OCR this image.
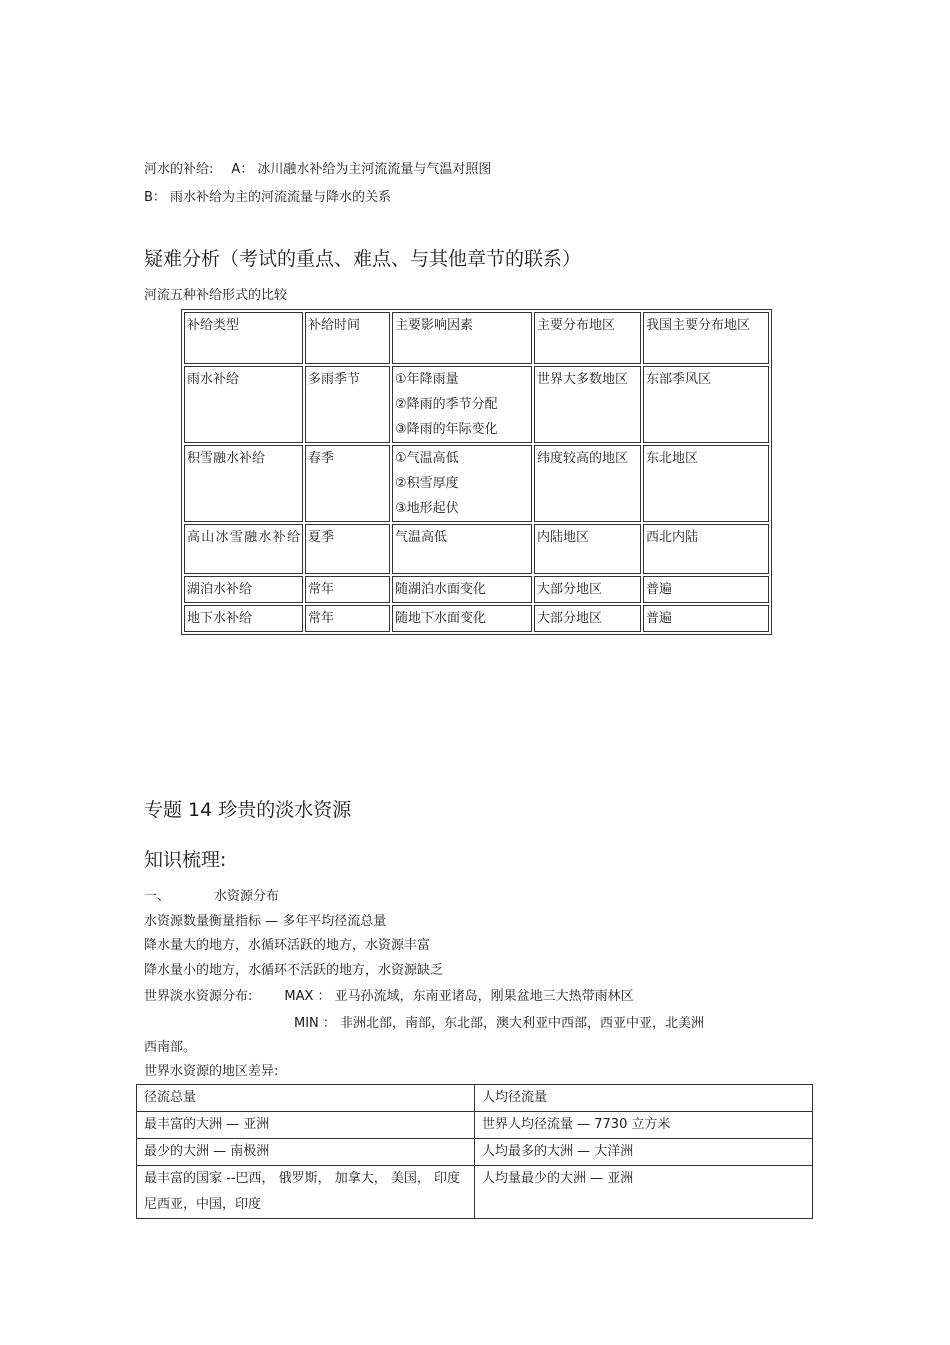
河水的补给: A： 冰川融水补给为主河流流量与气温对照图
B： 雨水补给为主的河流流量与降水的关系
疑难分析（考试的重点、难点、与其他章节的联系）
河流五种补给形式的比较
补给类型	补给时间	主要影响因素	主要分布地区	我国主要分布地区
雨水补给	多雨季节	①年降雨量
②降雨的季节分配
③降雨的年际变化	世界大多数地区	东部季风区
积雪融水补给	春季	①气温高低
②积雪厚度
③地形起伏	纬度较高的地区	东北地区
高山冰雪融水补给	夏季	气温高低	内陆地区	西北内陆
湖泊水补给	常年	随湖泊水面变化	大部分地区	普遍
地下水补给	常年	随地下水面变化	大部分地区	普遍
专题 14 珍贵的淡水资源
知识梳理:
一、	水资源分布
水资源数量衡量指标 — 多年平均径流总量
降水量大的地方，水循环活跃的地方，水资源丰富
降水量小的地方，水循环不活跃的地方，水资源缺乏
世界淡水资源分布: MAX ： 亚马孙流域，东南亚诸岛，刚果盆地三大热带雨林区
MIN ： 非洲北部，南部，东北部，澳大利亚中西部，西亚中亚，北美洲
西南部。
世界水资源的地区差异:
径流总量	人均径流量
最丰富的大洲 — 亚洲	世界人均径流量 — 7730 立方米
最少的大洲 — 南极洲	人均最多的大洲 — 大洋洲
最丰富的国家 --巴西， 俄罗斯， 加拿大， 美国， 印度尼西亚，中国，印度	人均量最少的大洲 — 亚洲
